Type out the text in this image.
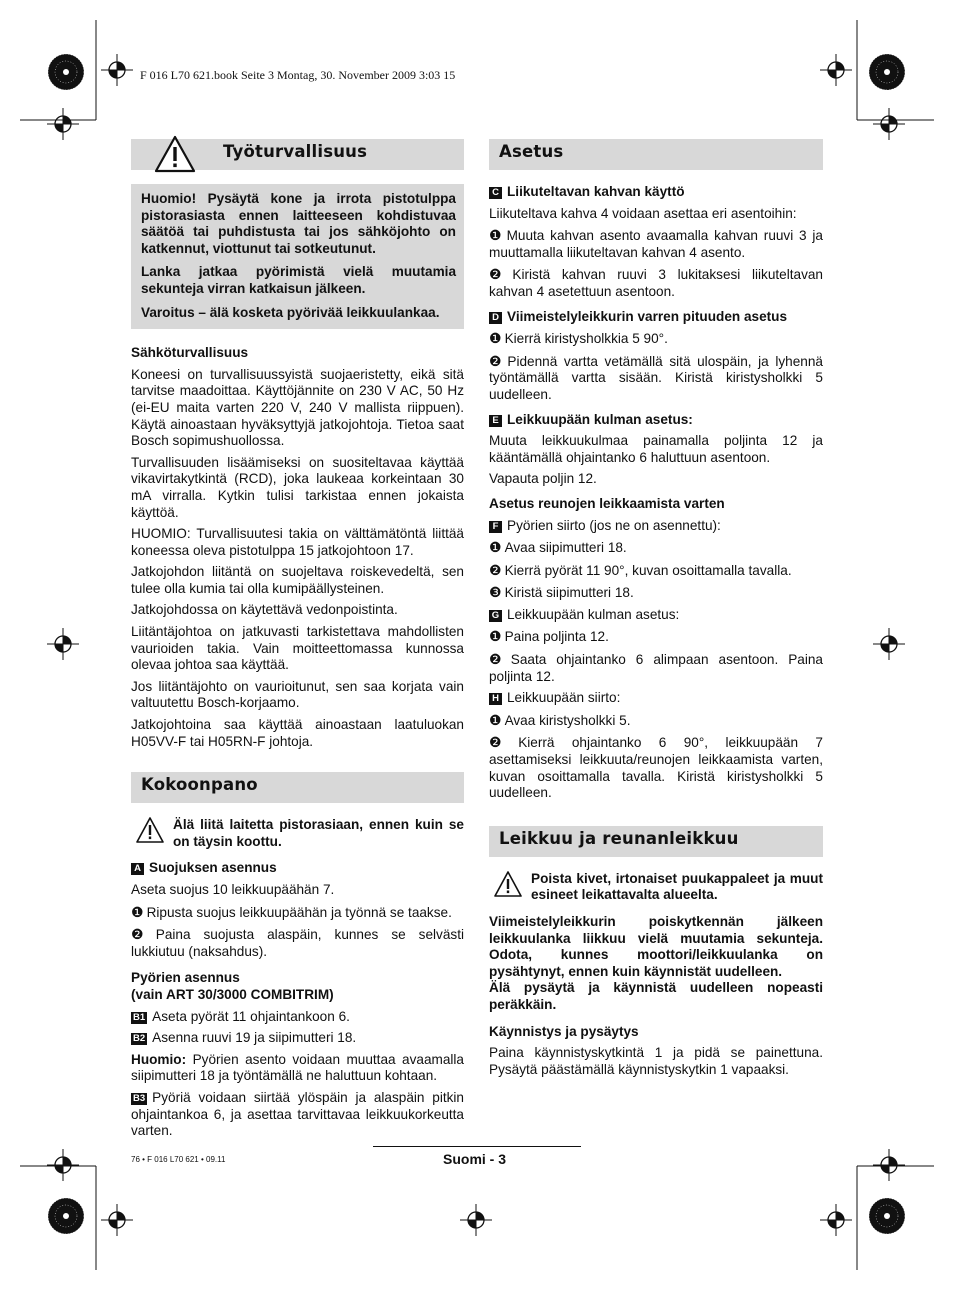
F 016 L70 621.book Seite 3 Montag, 30. November 2009 3:03 15
Työturvallisuus

Huomio! Pysäytä kone ja irrota pistotulppa pistorasiasta ennen laitteeseen kohdistuvaa säätöä tai puhdistusta tai jos sähköjohto on katkennut, viottunut tai sotkeutunut.

Lanka jatkaa pyörimistä vielä muutamia sekunteja virran katkaisun jälkeen.

Varoitus – älä kosketa pyörivää leikkuulankaa.

Sähköturvallisuus

Koneesi on turvallisuussyistä suojaeristetty, eikä sitä tarvitse maadoittaa. Käyttöjännite on 230 V AC, 50 Hz (ei-EU maita varten 220 V, 240 V mallista riippuen). Käytä ainoastaan hyväksyttyjä jatkojohtoja. Tietoa saat Bosch sopimushuollossa.

Turvallisuuden lisäämiseksi on suositeltavaa käyttää vikavirtakytkintä (RCD), joka laukeaa korkeintaan 30 mA virralla. Kytkin tulisi tarkistaa ennen jokaista käyttöä.

HUOMIO: Turvallisuutesi takia on välttämätöntä liittää koneessa oleva pistotulppa 15 jatkojohtoon 17.

Jatkojohdon liitäntä on suojeltava roiskevedeltä, sen tulee olla kumia tai olla kumipäällysteinen.

Jatkojohdossa on käytettävä vedonpoistinta.

Liitäntäjohtoa on jatkuvasti tarkistettava mahdollisten vaurioiden takia. Vain moitteettomassa kunnossa olevaa johtoa saa käyttää.

Jos liitäntäjohto on vaurioitunut, sen saa korjata vain valtuutettu Bosch-korjaamo.

Jatkojohtoina saa käyttää ainoastaan laatuluokan H05VV-F tai H05RN-F johtoja.

Kokoonpano
Älä liitä laitetta pistorasiaan, ennen kuin se on täysin koottu.

A Suojuksen asennus

Aseta suojus 10 leikkuupäähän 7.

❶ Ripusta suojus leikkuupäähän ja työnnä se taakse.

❷ Paina suojusta alaspäin, kunnes se selvästi lukkiutuu (naksahdus).

Pyörien asennus

(vain ART 30/3000 COMBITRIM)

B1 Aseta pyörät 11 ohjaintankoon 6.

B2 Asenna ruuvi 19 ja siipimutteri 18.

Huomio: Pyörien asento voidaan muuttaa avaamalla siipimutteri 18 ja työntämällä ne haluttuun kohtaan.

B3 Pyöriä voidaan siirtää ylöspäin ja alaspäin pitkin ohjaintankoa 6, ja asettaa tarvittavaa leikkuukorkeutta varten.

Asetus

C Liikuteltavan kahvan käyttö

Liikuteltava kahva 4 voidaan asettaa eri asentoihin:

❶ Muuta kahvan asento avaamalla kahvan ruuvi 3 ja muuttamalla liikuteltavan kahvan 4 asento.

❷ Kiristä kahvan ruuvi 3 lukitaksesi liikuteltavan kahvan 4 asetettuun asentoon.

D Viimeistelyleikkurin varren pituuden asetus

❶ Kierrä kiristysholkkia 5 90°.

❷ Pidennä vartta vetämällä sitä ulospäin, ja lyhennä työntämällä vartta sisään. Kiristä kiristysholkki 5 uudelleen.

E Leikkuupään kulman asetus:

Muuta leikkuukulmaa painamalla poljinta 12 ja kääntämällä ohjaintanko 6 haluttuun asentoon.

Vapauta poljin 12.

Asetus reunojen leikkaamista varten

F Pyörien siirto (jos ne on asennettu):

❶ Avaa siipimutteri 18.

❷ Kierrä pyörät 11 90°, kuvan osoittamalla tavalla.

❸ Kiristä siipimutteri 18.

G Leikkuupään kulman asetus:

❶ Paina poljinta 12.

❷ Saata ohjaintanko 6 alimpaan asentoon. Paina poljinta 12.

H Leikkuupään siirto:

❶ Avaa kiristysholkki 5.

❷ Kierrä ohjaintanko 6 90°, leikkuupään 7 asettamiseksi leikkuuta/reunojen leikkaamista varten, kuvan osoittamalla tavalla. Kiristä kiristysholkki 5 uudelleen.

Leikkuu ja reunanleikkuu
Poista kivet, irtonaiset puukappaleet ja muut esineet leikattavalta alueelta.

Viimeistelyleikkurin poiskytkennän jälkeen leikkuulanka liikkuu vielä muutamia sekunteja. Odota, kunnes moottori/leikkuulanka on pysähtynyt, ennen kuin käynnistät uudelleen.

Älä pysäytä ja käynnistä uudelleen nopeasti peräkkäin.

Käynnistys ja pysäytys

Paina käynnistyskytkintä 1 ja pidä se painettuna. Pysäytä päästämällä käynnistyskytkin 1 vapaaksi.

76 • F 016 L70 621 • 09.11	Suomi - 3
